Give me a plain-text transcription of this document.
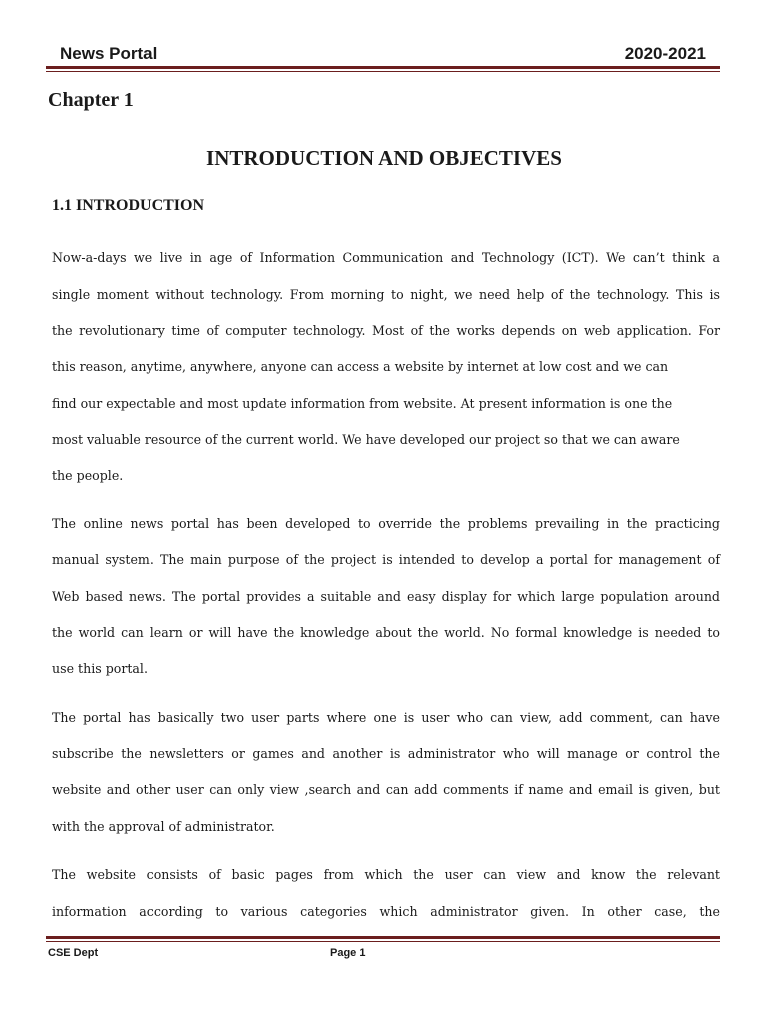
News Portal	2020-2021
Chapter 1
INTRODUCTION AND OBJECTIVES
1.1 INTRODUCTION
Now-a-days we live in age of Information Communication and Technology (ICT). We can’t think a
single moment without technology. From morning to night, we need help of the technology. This is
the revolutionary time of computer technology. Most of the works depends on web application. For
this reason, anytime, anywhere, anyone can access a website by internet at low cost and we can
find our expectable and most update information from website. At present information is one the
most valuable resource of the current world. We have developed our project so that we can aware
the people.
The online news portal has been developed to override the problems prevailing in the practicing
manual system. The main purpose of the project is intended to develop a portal for management of
Web based news. The portal provides a suitable and easy display for which large population around
the world can learn or will have the knowledge about the world. No formal knowledge is needed to
use this portal.
The portal has basically two user parts where one is user who can view, add comment, can have
subscribe the newsletters or games and another is administrator who will manage or control the
website and other user can only view ,search and can add comments if name and email is given, but
with the approval of administrator.
The website consists of basic pages from which the user can view and know the relevant
information according to various categories which administrator given. In other case, the
CSE Dept	Page 1
